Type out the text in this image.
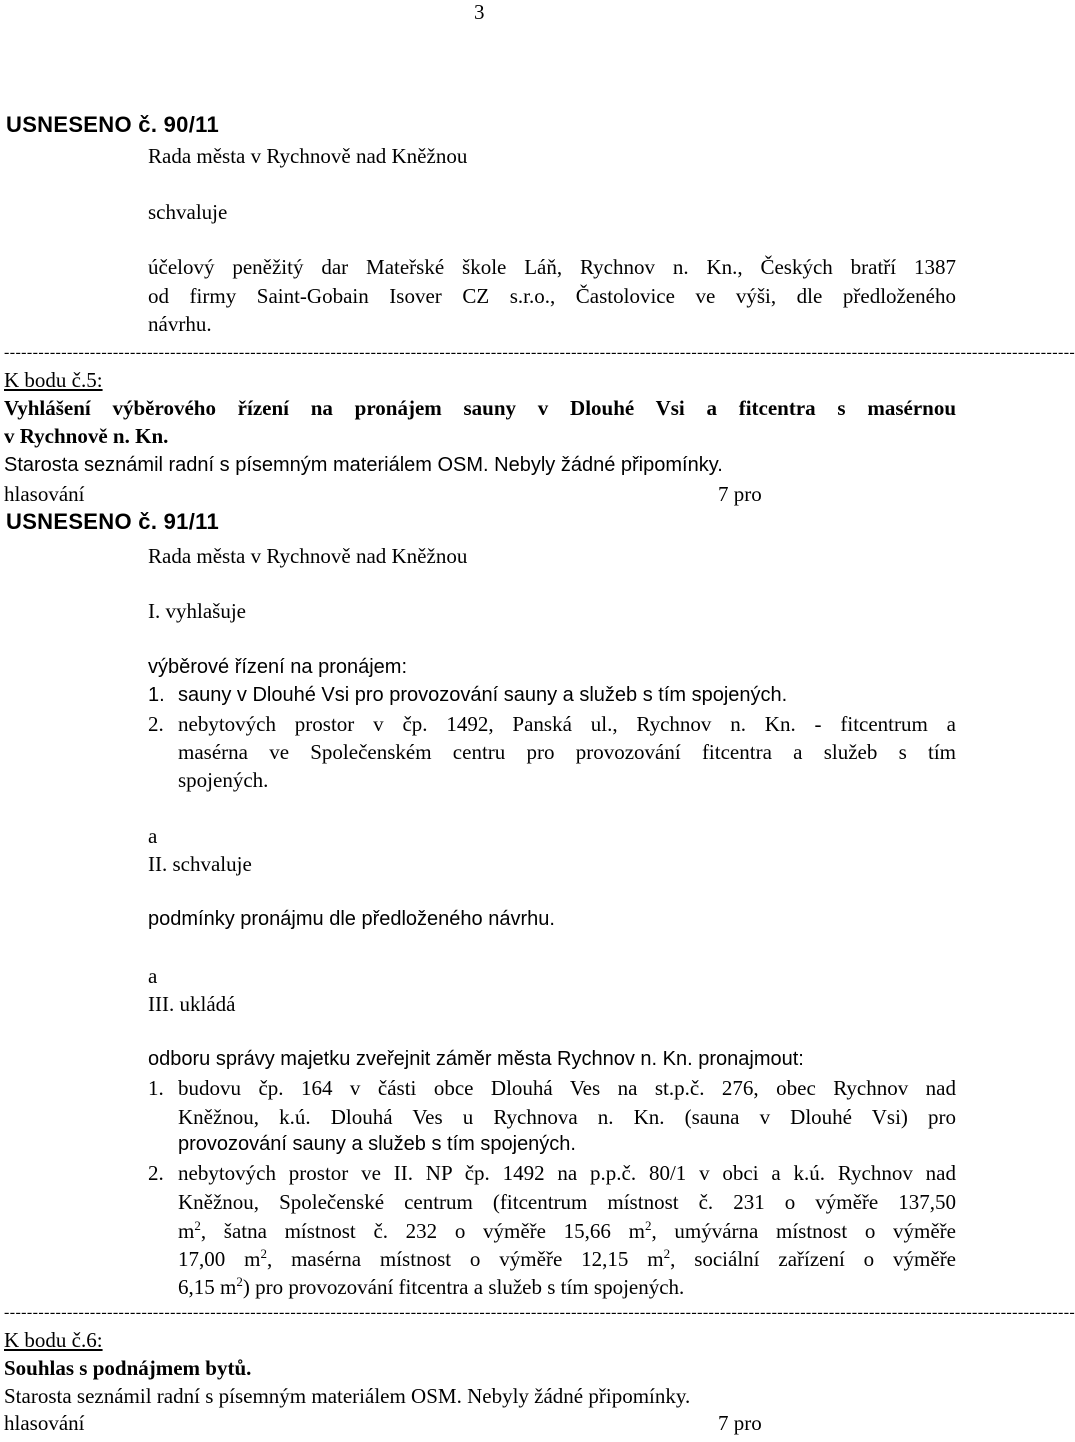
3
USNESENO č. 90/11
Rada města v Rychnově nad Kněžnou
schvaluje
účelový peněžitý dar Mateřské škole Láň, Rychnov n. Kn., Českých bratří 1387
od firmy Saint-Gobain Isover CZ s.r.o., Častolovice ve výši, dle předloženého
návrhu.
-------------------------------------------------------------------------------------------------------------------------------------------------------------------------------------------
K bodu č.5:
Vyhlášení výběrového řízení na pronájem sauny v Dlouhé Vsi a fitcentra s masérnou
v Rychnově n. Kn.
Starosta seznámil radní s písemným materiálem OSM. Nebyly žádné připomínky.
hlasování	7 pro
USNESENO č. 91/11
Rada města v Rychnově nad Kněžnou
I. vyhlašuje
výběrové řízení na pronájem:
1. sauny v Dlouhé Vsi pro provozování sauny a služeb s tím spojených.
2. nebytových prostor v čp. 1492, Panská ul., Rychnov n. Kn. - fitcentrum a
masérna ve Společenském centru pro provozování fitcentra a služeb s tím
spojených.
a
II. schvaluje
podmínky pronájmu dle předloženého návrhu.
a
III. ukládá
odboru správy majetku zveřejnit záměr města Rychnov n. Kn. pronajmout:
1. budovu čp. 164 v části obce Dlouhá Ves na st.p.č. 276, obec Rychnov nad
Kněžnou, k.ú. Dlouhá Ves u Rychnova n. Kn. (sauna v Dlouhé Vsi) pro
provozování sauny a služeb s tím spojených.
2. nebytových prostor ve II. NP čp. 1492 na p.p.č. 80/1 v obci a k.ú. Rychnov nad
Kněžnou, Společenské centrum (fitcentrum místnost č. 231 o výměře 137,50
$m^2$, šatna místnost č. 232 o výměře 15,66 $m^2$, umývárna místnost o výměře
17,00 $m^2$, masérna místnost o výměře 12,15 $m^2$, sociální zařízení o výměře
6,15 $m^2$) pro provozování fitcentra a služeb s tím spojených.
-------------------------------------------------------------------------------------------------------------------------------------------------------------------------------------------
K bodu č.6:
Souhlas s podnájmem bytů.
Starosta seznámil radní s písemným materiálem OSM. Nebyly žádné připomínky.
hlasování	7 pro
